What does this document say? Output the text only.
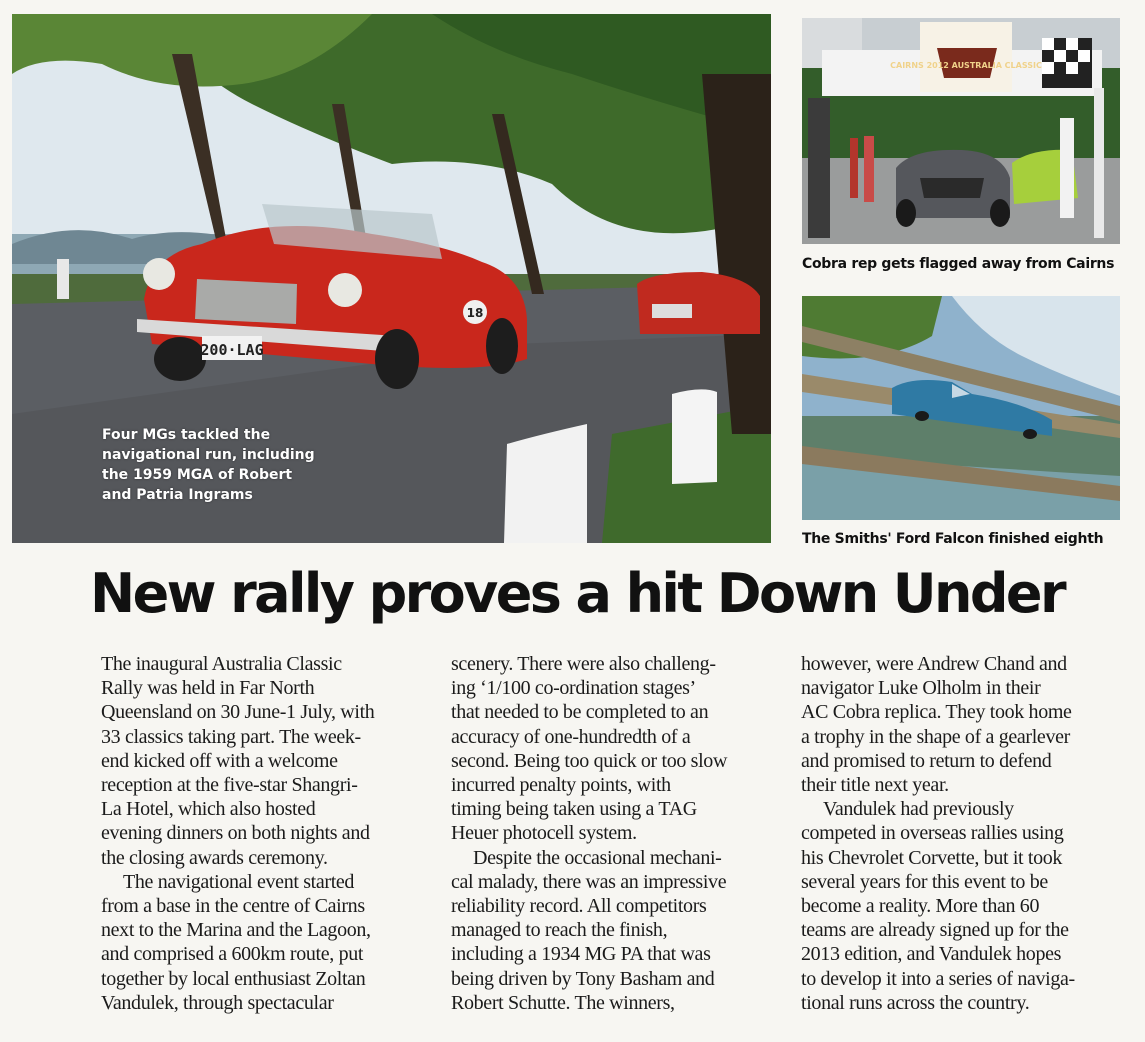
200·LAG
18
Four MGs tackled the
navigational run, including
the 1959 MGA of Robert
and Patria Ingrams
CAIRNS 2012 AUSTRALIA CLASSIC
Cobra rep gets flagged away from Cairns
The Smiths' Ford Falcon finished eighth
New rally proves a hit Down Under
The inaugural Australia Classic
Rally was held in Far North
Queensland on 30 June-1 July, with
33 classics taking part. The week-
end kicked off with a welcome
reception at the five-star Shangri-
La Hotel, which also hosted
evening dinners on both nights and
the closing awards ceremony.
The navigational event started
from a base in the centre of Cairns
next to the Marina and the Lagoon,
and comprised a 600km route, put
together by local enthusiast Zoltan
Vandulek, through spectacular
scenery. There were also challeng-
ing ‘1/100 co-ordination stages’
that needed to be completed to an
accuracy of one-hundredth of a
second. Being too quick or too slow
incurred penalty points, with
timing being taken using a TAG
Heuer photocell system.
Despite the occasional mechani-
cal malady, there was an impressive
reliability record. All competitors
managed to reach the finish,
including a 1934 MG PA that was
being driven by Tony Basham and
Robert Schutte. The winners,
however, were Andrew Chand and
navigator Luke Olholm in their
AC Cobra replica. They took home
a trophy in the shape of a gearlever
and promised to return to defend
their title next year.
Vandulek had previously
competed in overseas rallies using
his Chevrolet Corvette, but it took
several years for this event to be
become a reality. More than 60
teams are already signed up for the
2013 edition, and Vandulek hopes
to develop it into a series of naviga-
tional runs across the country.
